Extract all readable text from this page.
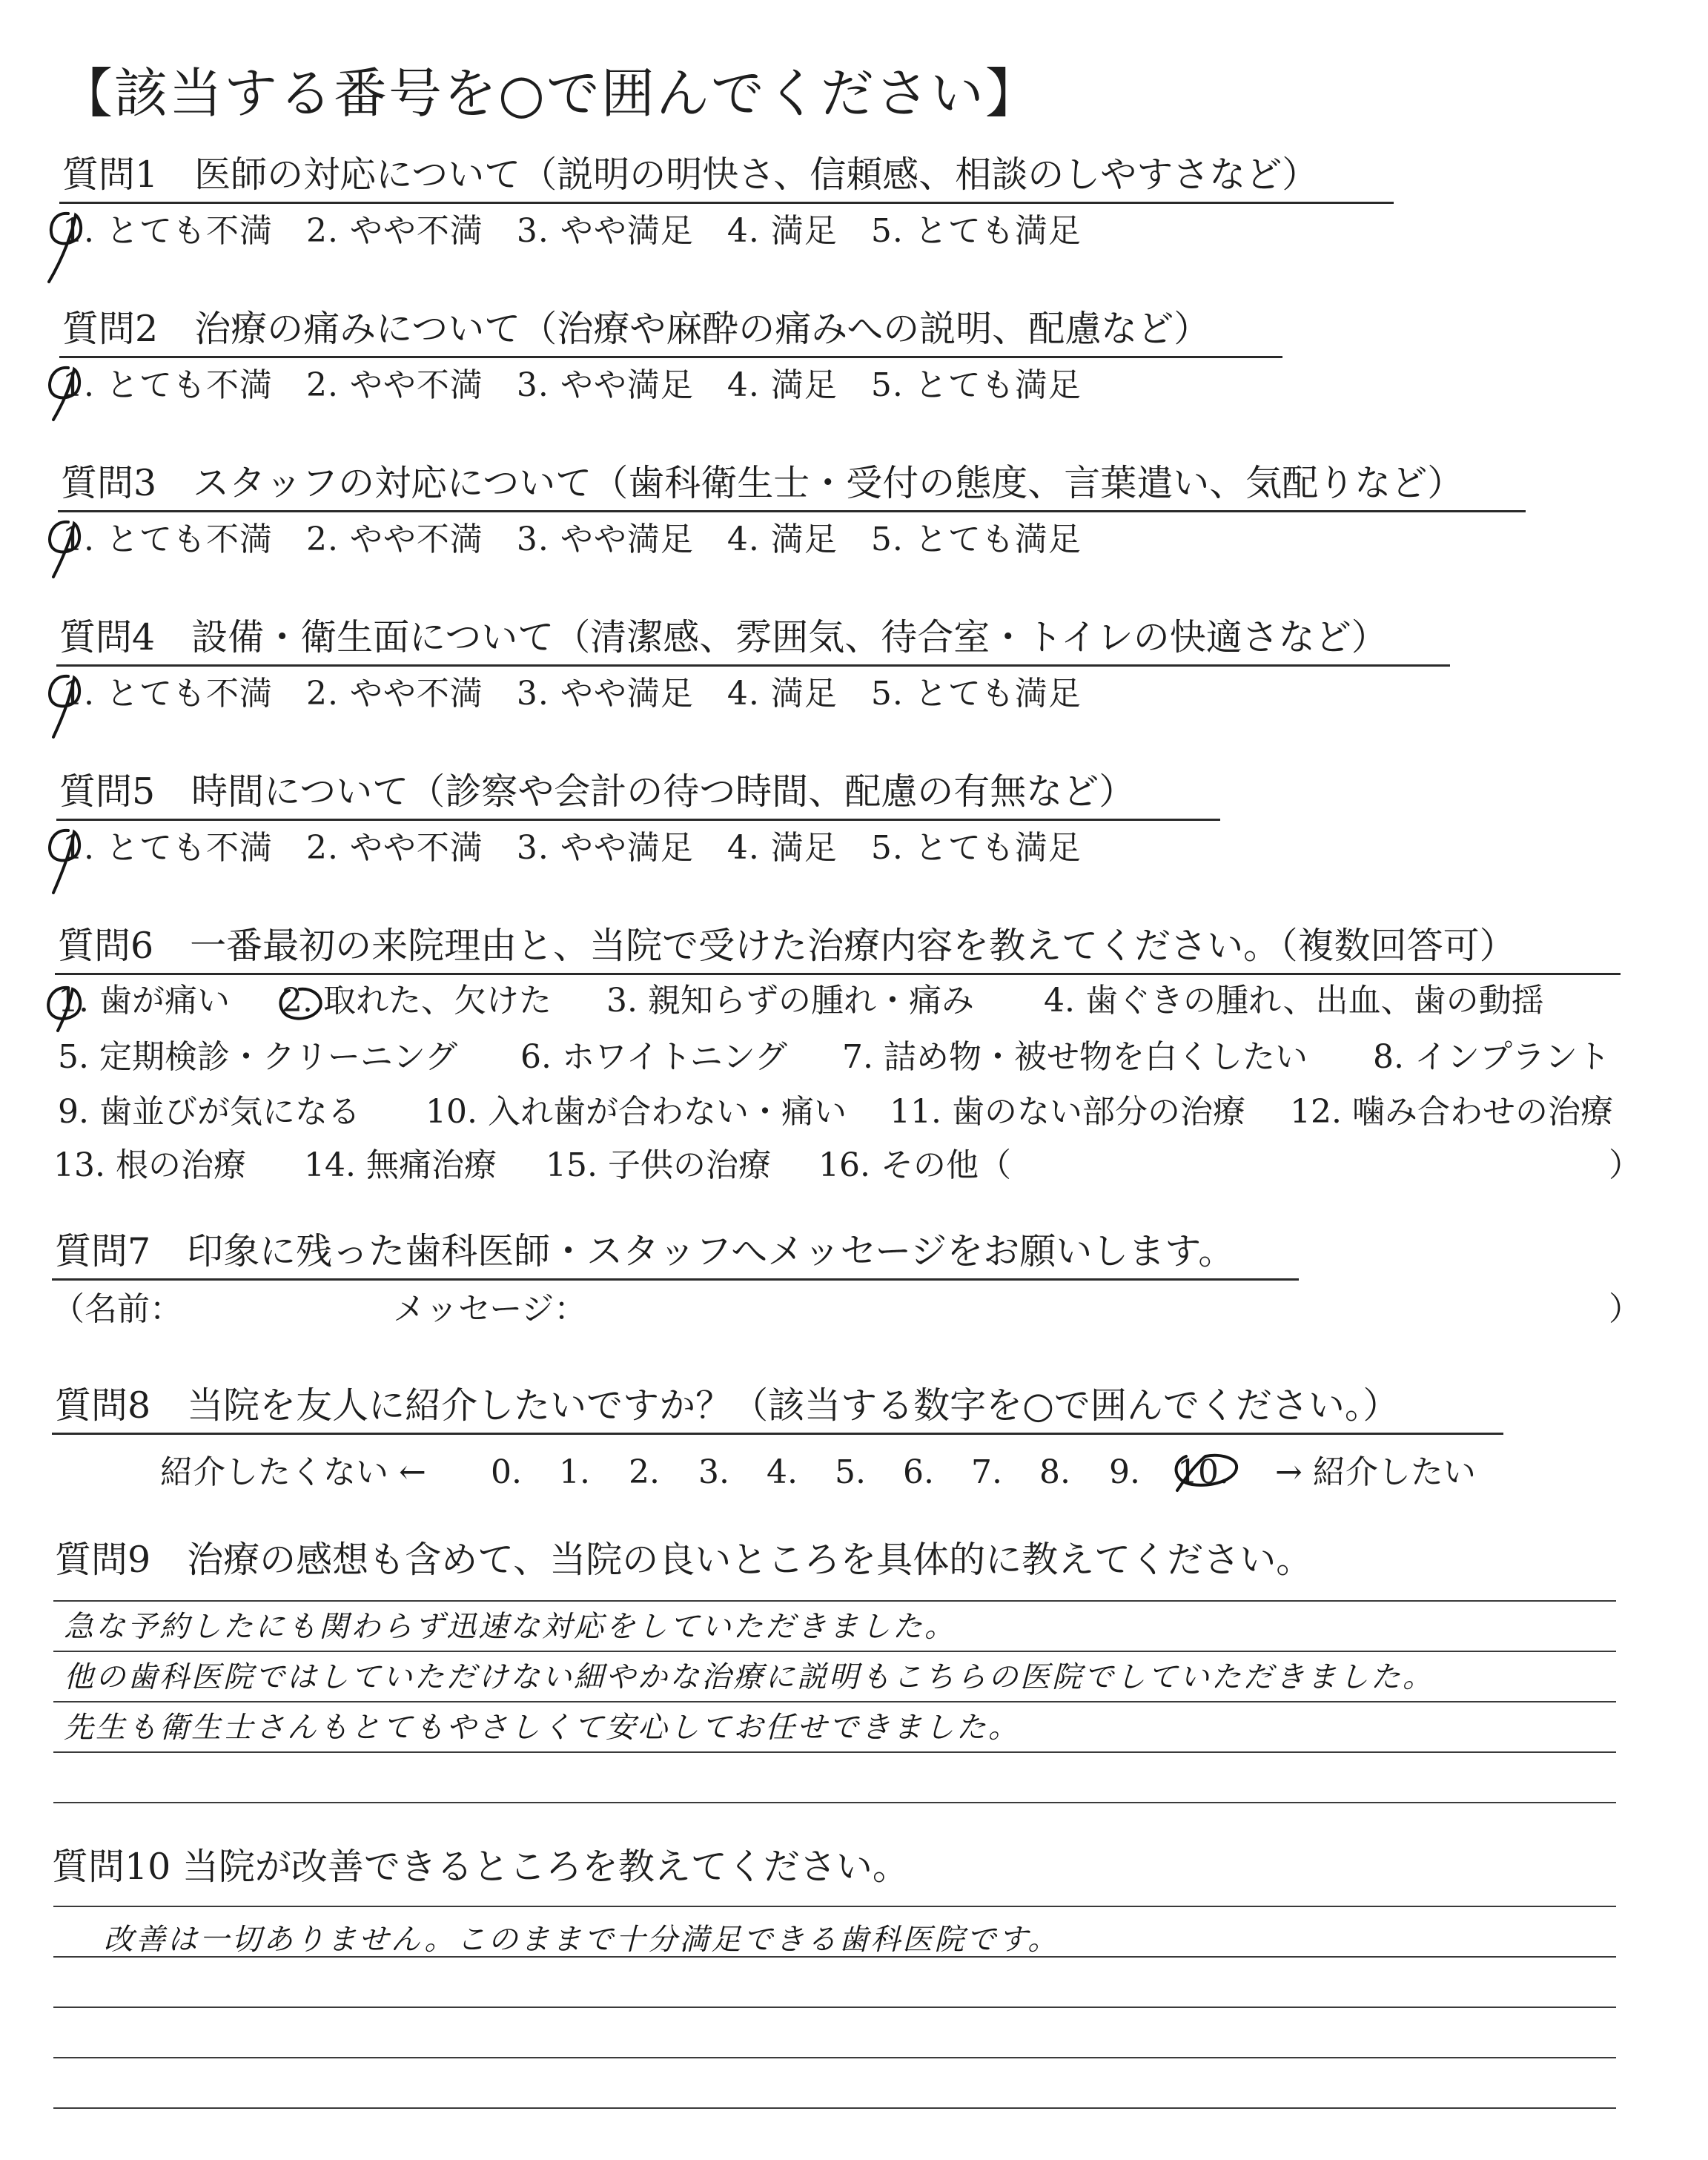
【該当する番号を○で囲んでください】
質問1　医師の対応について（説明の明快さ、信頼感、相談のしやすさなど）
1. とても不満　2. やや不満　3. やや満足　4. 満足　5. とても満足
質問2　治療の痛みについて（治療や麻酔の痛みへの説明、配慮など）
1. とても不満　2. やや不満　3. やや満足　4. 満足　5. とても満足
質問3　スタッフの対応について（歯科衛生士・受付の態度、言葉遣い、気配りなど）
1. とても不満　2. やや不満　3. やや満足　4. 満足　5. とても満足
質問4　設備・衛生面について（清潔感、雰囲気、待合室・トイレの快適さなど）
1. とても不満　2. やや不満　3. やや満足　4. 満足　5. とても満足
質問5　時間について（診察や会計の待つ時間、配慮の有無など）
1. とても不満　2. やや不満　3. やや満足　4. 満足　5. とても満足
質問6　一番最初の来院理由と、当院で受けた治療内容を教えてください。（複数回答可）
1. 歯が痛い 2. 取れた、欠けた 3. 親知らずの腫れ・痛み 4. 歯ぐきの腫れ、出血、歯の動揺
5. 定期検診・クリーニング 6. ホワイトニング 7. 詰め物・被せ物を白くしたい 8. インプラント
9. 歯並びが気になる 10. 入れ歯が合わない・痛い 11. 歯のない部分の治療 12. 噛み合わせの治療
13. 根の治療 14. 無痛治療 15. 子供の治療 16. その他（	）
質問7　印象に残った歯科医師・スタッフへメッセージをお願いします。
（名前：	メッセージ：	）
質問8　当院を友人に紹介したいですか？（該当する数字を○で囲んでください。）
紹介したくない ← 0. 1. 2. 3. 4. 5. 6. 7. 8. 9. 10. → 紹介したい
質問9　治療の感想も含めて、当院の良いところを具体的に教えてください。
急な予約したにも関わらず迅速な対応をしていただきました。
他の歯科医院ではしていただけない細やかな治療に説明もこちらの医院でしていただきました。
先生も衛生士さんもとてもやさしくて安心してお任せできました。
質問10 当院が改善できるところを教えてください。
改善は一切ありません。このままで十分満足できる歯科医院です。
